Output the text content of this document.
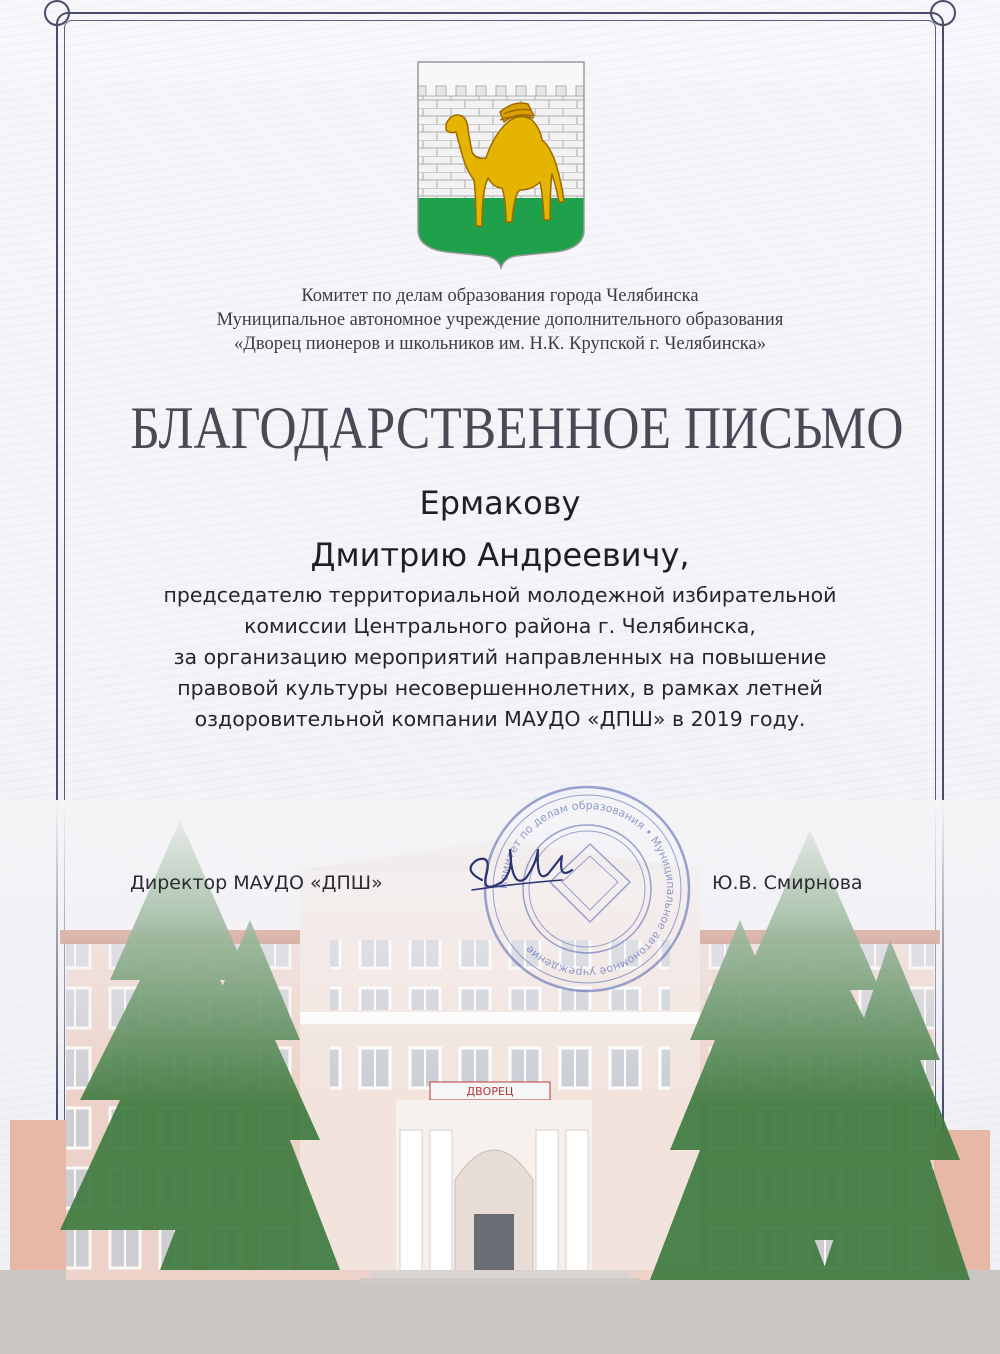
Комитет по делам образования города Челябинска
Муниципальное автономное учреждение дополнительного образования
«Дворец пионеров и школьников им. Н.К. Крупской г. Челябинска»
БЛАГОДАРСТВЕННОЕ ПИСЬМО
Ермакову
Дмитрию Андреевичу,
председателю территориальной молодежной избирательной
комиссии Центрального района г. Челябинска,
за организацию мероприятий направленных на повышение
правовой культуры несовершеннолетних, в рамках летней
оздоровительной компании МАУДО «ДПШ» в 2019 году.
Комитет по делам образования • Муниципальное автономное учреждение
Директор МАУДО «ДПШ»	Ю.В. Смирнова
